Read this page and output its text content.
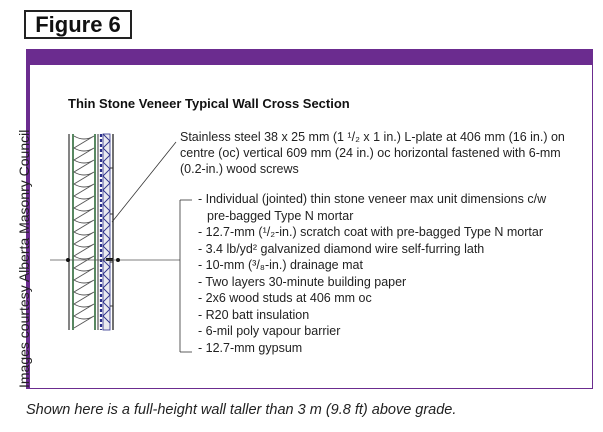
Figure 6
Images courtesy Alberta Masonry Council
Thin Stone Veneer Typical Wall Cross Section
Stainless steel 38 x 25 mm (1 ¹/₂ x 1 in.) L-plate at 406 mm (16 in.) on centre (oc) vertical 609 mm (24 in.) oc horizontal fastened with 6-mm (0.2-in.) wood screws
- Individual (jointed) thin stone veneer max unit dimensions c/w
pre-bagged Type N mortar
- 12.7-mm (¹/₂-in.) scratch coat with pre-bagged Type N mortar
- 3.4 lb/yd² galvanized diamond wire self-furring lath
- 10-mm (³/₈-in.) drainage mat
- Two layers 30-minute building paper
- 2x6 wood studs at 406 mm oc
- R20 batt insulation
- 6-mil poly vapour barrier
- 12.7-mm gypsum
Shown here is a full-height wall taller than 3 m (9.8 ft) above grade.
